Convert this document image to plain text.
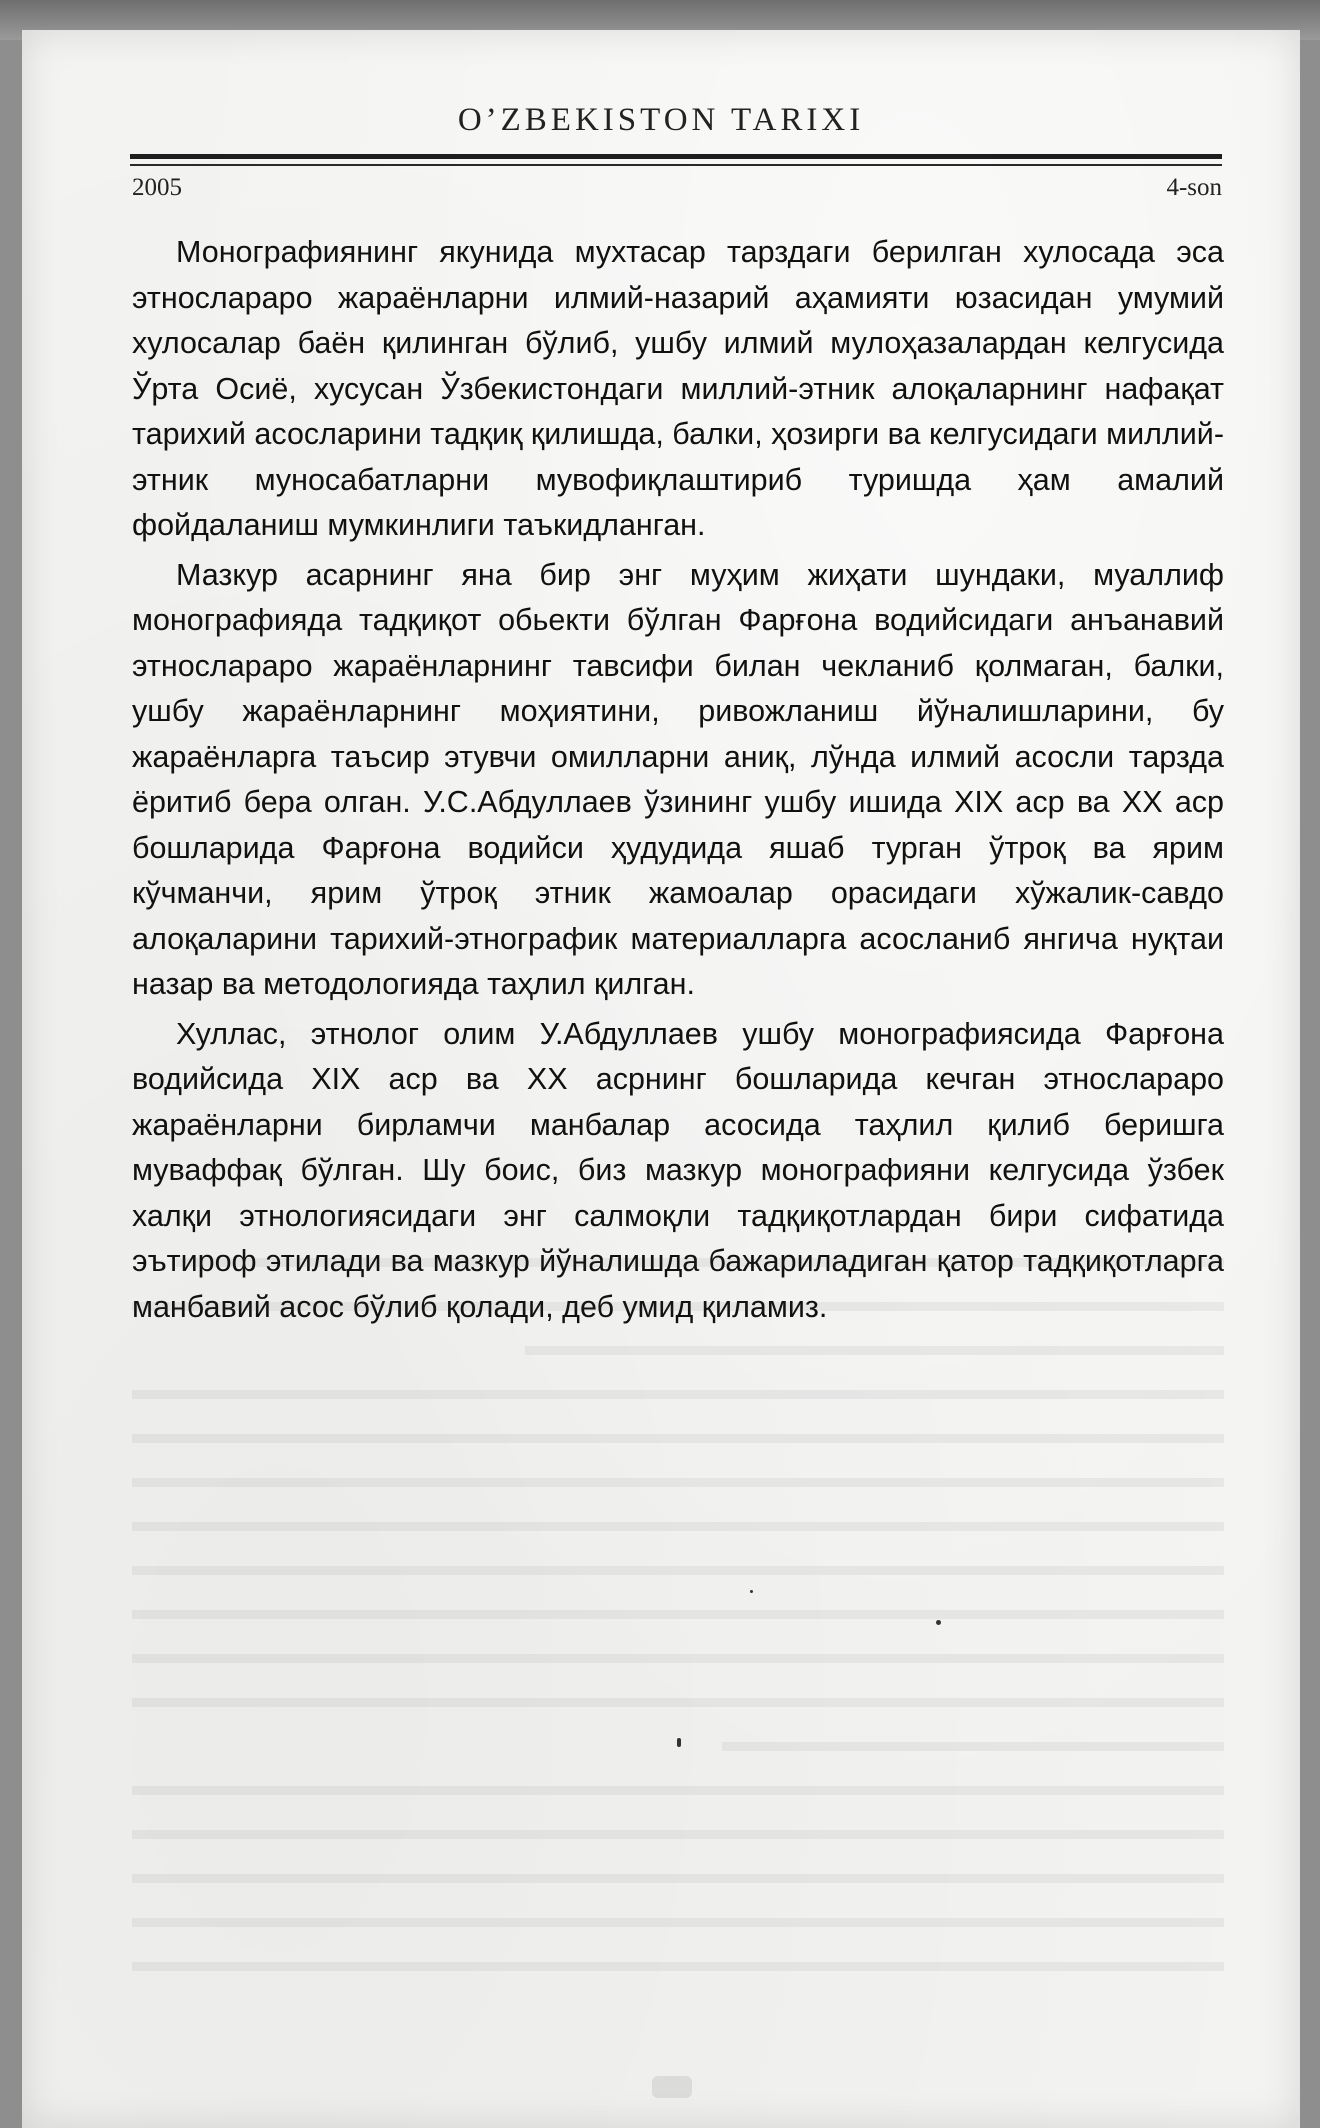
O’ZBEKISTON TARIXI
2005	4-son

Монографиянинг якунида мухтасар тарздаги берилган хулосада эса этнослараро жараёнларни илмий-назарий аҳамияти юзасидан умумий хулосалар баён қилинган бўлиб, ушбу илмий мулоҳазалардан келгусида Ўрта Осиё, хусусан Ўзбекистондаги миллий-этник алоқаларнинг нафақат тарихий асосларини тадқиқ қилишда, балки, ҳозирги ва келгусидаги миллий-этник муносабатларни мувофиқлаштириб туришда ҳам амалий фойдаланиш мумкинлиги таъкидланган.

Мазкур асарнинг яна бир энг муҳим жиҳати шундаки, муаллиф монографияда тадқиқот обьекти бўлган Фарғона водийсидаги анъанавий этнослараро жараёнларнинг тавсифи билан чекланиб қолмаган, балки, ушбу жараёнларнинг моҳиятини, ривожланиш йўналишларини, бу жараёнларга таъсир этувчи омилларни аниқ, лўнда илмий асосли тарзда ёритиб бера олган. У.С.Абдуллаев ўзининг ушбу ишида ХIХ аср ва ХХ аср бошларида Фарғона водийси ҳудудида яшаб турган ўтроқ ва ярим кўчманчи, ярим ўтроқ этник жамоалар орасидаги хўжалик-савдо алоқаларини тарихий-этнографик материалларга асосланиб янгича нуқтаи назар ва методологияда таҳлил қилган.

Хуллас, этнолог олим У.Абдуллаев ушбу монографиясида Фарғона водийсида ХIХ аср ва ХХ асрнинг бошларида кечган этнослараро жараёнларни бирламчи манбалар асосида таҳлил қилиб беришга муваффақ бўлган. Шу боис, биз мазкур монографияни келгусида ўзбек халқи этнологиясидаги энг салмоқли тадқиқотлардан бири сифатида эътироф этилади ва мазкур йўналишда бажариладиган қатор тадқиқотларга манбавий асос бўлиб қолади, деб умид қиламиз.
